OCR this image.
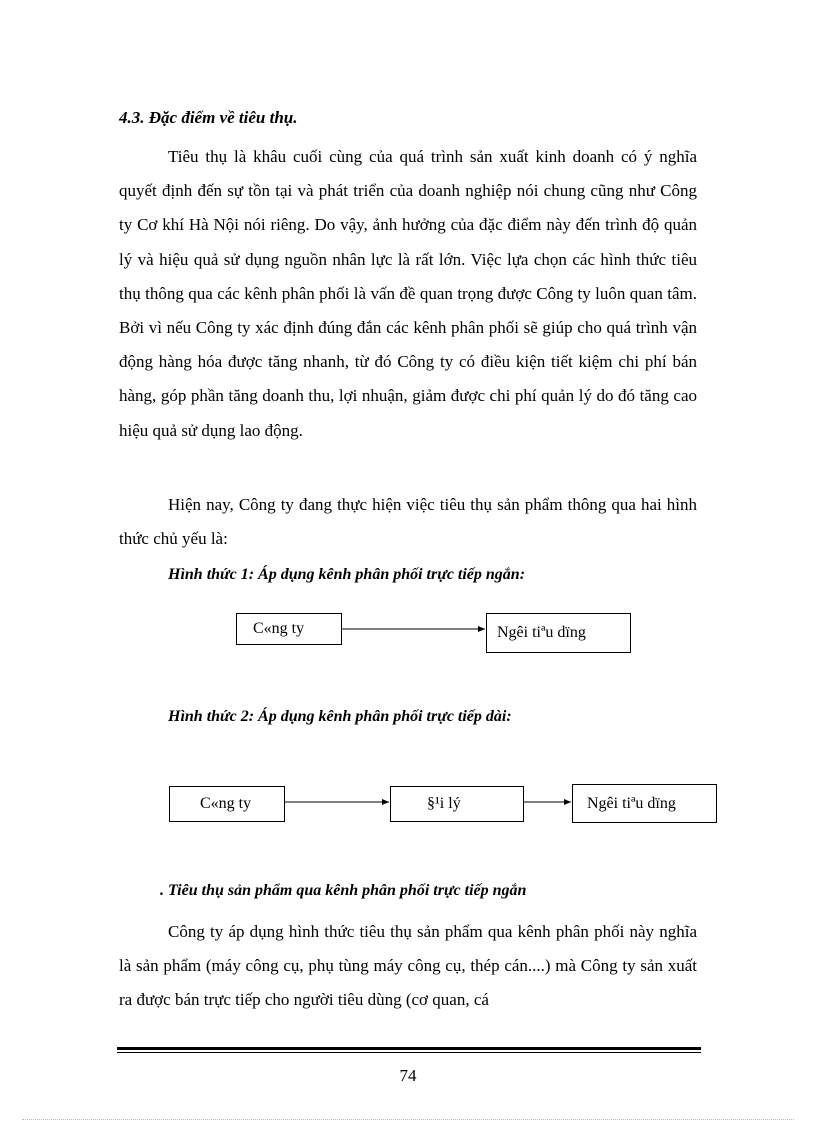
4.3. Đặc điểm về tiêu thụ.

Tiêu thụ là khâu cuối cùng của quá trình sản xuất kinh doanh có ý nghĩa quyết định đến sự tồn tại và phát triển của doanh nghiệp nói chung cũng như Công ty Cơ khí Hà Nội nói riêng. Do vậy, ảnh hưởng của đặc điểm này đến trình độ quản lý và hiệu quả sử dụng nguồn nhân lực là rất lớn. Việc lựa chọn các hình thức tiêu thụ thông qua các kênh phân phối là vấn đề quan trọng được Công ty luôn quan tâm. Bởi vì nếu Công ty xác định đúng đắn các kênh phân phối sẽ giúp cho quá trình vận động hàng hóa được tăng nhanh, từ đó Công ty có điều kiện tiết kiệm chi phí bán hàng, góp phần tăng doanh thu, lợi nhuận, giảm được chi phí quản lý do đó tăng cao hiệu quả sử dụng lao động.

Hiện nay, Công ty đang thực hiện việc tiêu thụ sản phẩm thông qua hai hình thức chủ yếu là:

Hình thức 1: Áp dụng kênh phân phối trực tiếp ngắn:

C«ng ty	Ngêi tiªu dïng

Hình thức 2: Áp dụng kênh phân phối trực tiếp dài:

C«ng ty	§¹i lý	Ngêi tiªu dïng

. Tiêu thụ sản phẩm qua kênh phân phối trực tiếp ngắn

Công ty áp dụng hình thức tiêu thụ sản phẩm qua kênh phân phối này nghĩa là sản phẩm (máy công cụ, phụ tùng máy công cụ, thép cán....) mà Công ty sản xuất ra được bán trực tiếp cho người tiêu dùng (cơ quan, cá

74
